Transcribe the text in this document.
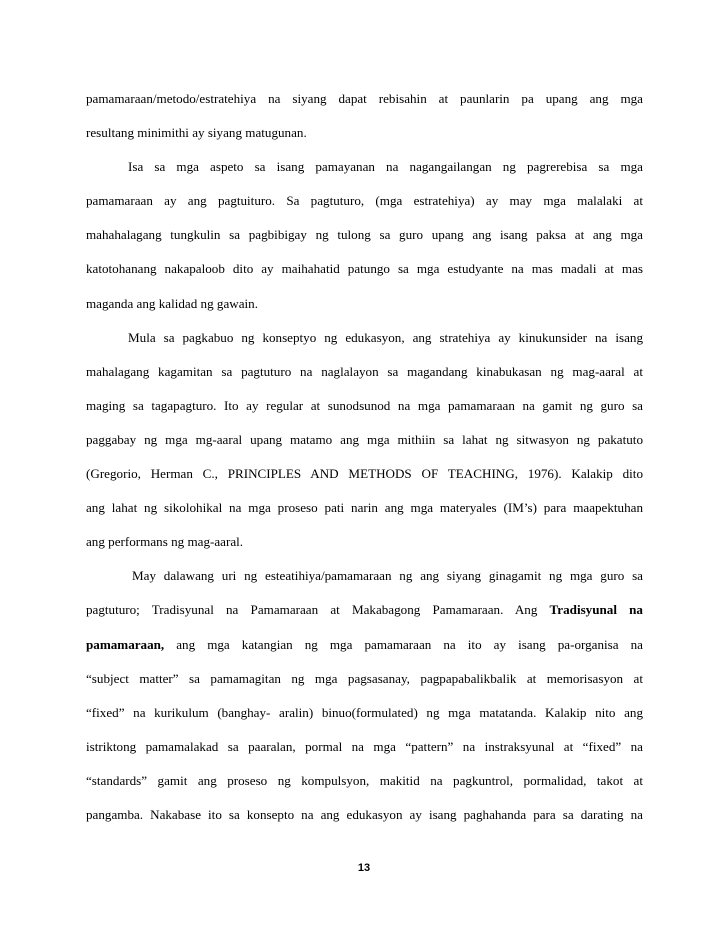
pamamaraan/metodo/estratehiya na siyang dapat rebisahin at paunlarin pa upang ang mga
resultang minimithi ay siyang matugunan.
Isa sa mga aspeto sa isang pamayanan na nagangailangan ng pagrerebisa sa mga
pamamaraan ay ang pagtuituro. Sa pagtuturo, (mga estratehiya) ay may mga malalaki at
mahahalagang tungkulin sa pagbibigay ng tulong sa guro upang ang isang paksa at ang mga
katotohanang nakapaloob dito ay maihahatid patungo sa mga estudyante na mas madali at mas
maganda ang kalidad ng gawain.
Mula sa pagkabuo ng konseptyo ng edukasyon, ang stratehiya ay kinukunsider na isang
mahalagang kagamitan sa pagtuturo na naglalayon sa magandang kinabukasan ng mag-aaral at
maging sa tagapagturo. Ito ay regular at sunodsunod na mga pamamaraan na gamit ng guro sa
paggabay ng mga mg-aaral upang matamo ang mga mithiin sa lahat ng sitwasyon ng pakatuto
(Gregorio, Herman C., PRINCIPLES AND METHODS OF TEACHING, 1976). Kalakip dito
ang lahat ng sikolohikal na mga proseso pati narin ang mga materyales (IM’s) para maapektuhan
ang performans ng mag-aaral.
May dalawang uri ng esteatihiya/pamamaraan ng ang siyang ginagamit ng mga guro sa
pagtuturo; Tradisyunal na Pamamaraan at Makabagong Pamamaraan. Ang Tradisyunal na
pamamaraan, ang mga katangian ng mga pamamaraan na ito ay isang pa-organisa na
“subject matter” sa pamamagitan ng mga pagsasanay, pagpapabalikbalik at memorisasyon at
“fixed” na kurikulum (banghay- aralin) binuo(formulated) ng mga matatanda. Kalakip nito ang
istriktong pamamalakad sa paaralan, pormal na mga “pattern” na instraksyunal at “fixed” na
“standards” gamit ang proseso ng kompulsyon, makitid na pagkuntrol, pormalidad, takot at
pangamba. Nakabase ito sa konsepto na ang edukasyon ay isang paghahanda para sa darating na
13
